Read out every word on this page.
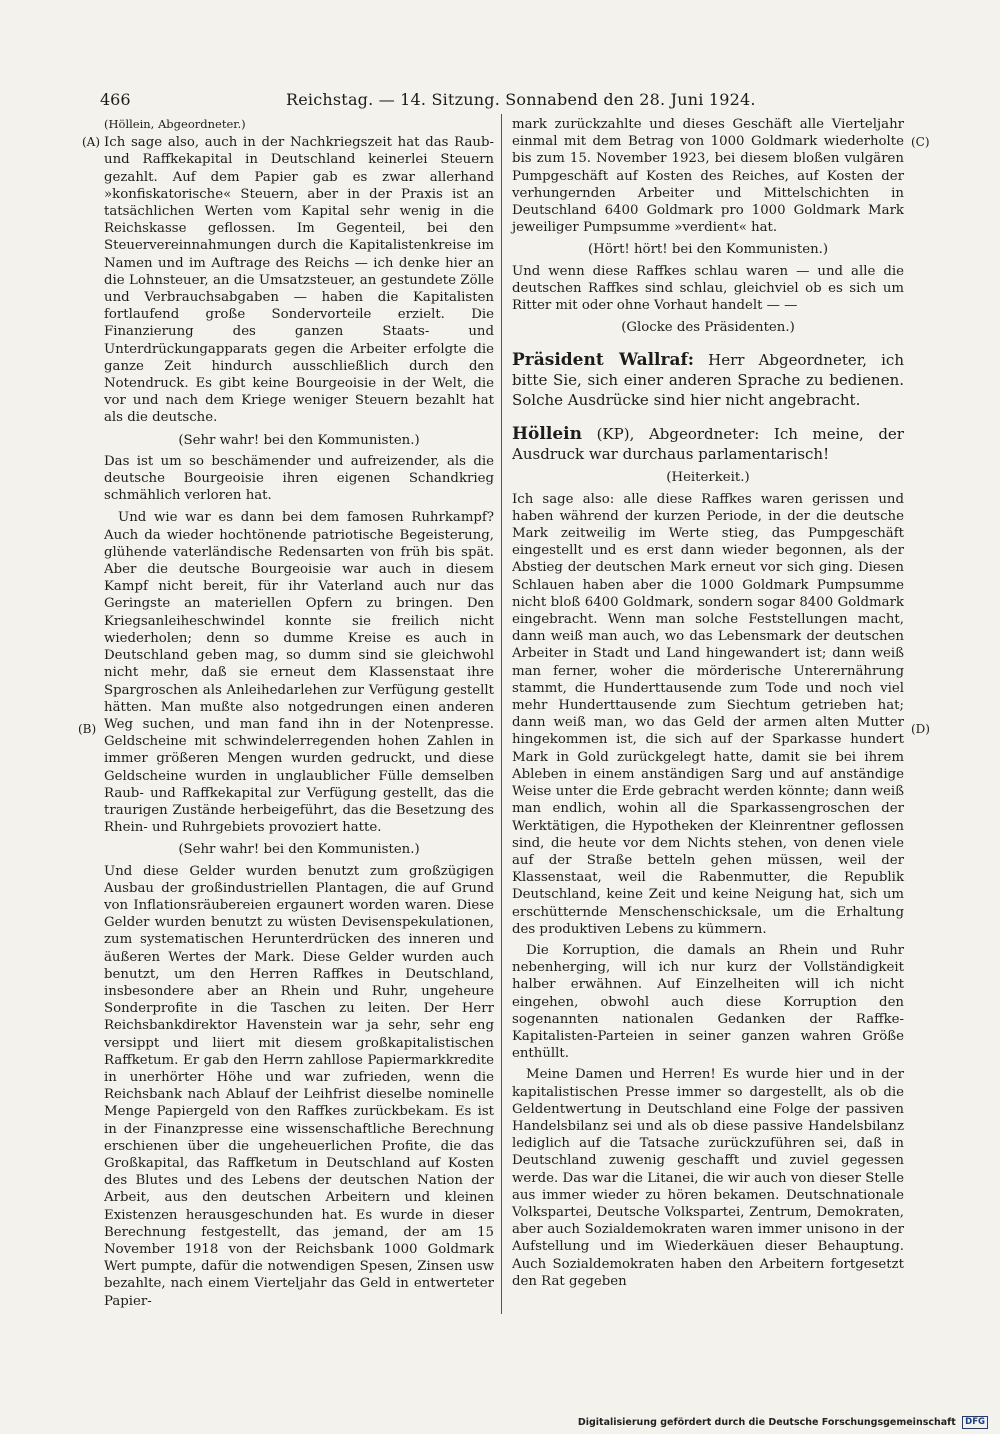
466	Reichstag. — 14. Sitzung. Sonnabend den 28. Juni 1924.
(A)
(B)
(C)
(D)

(Höllein, Abgeordneter.)

Ich sage also, auch in der Nachkriegszeit hat das Raub- und Raffkekapital in Deutschland keinerlei Steuern gezahlt. Auf dem Papier gab es zwar allerhand »konfiskatorische« Steuern, aber in der Praxis ist an tatsächlichen Werten vom Kapital sehr wenig in die Reichskasse geflossen. Im Gegenteil, bei den Steuervereinnahmungen durch die Kapitalistenkreise im Namen und im Auftrage des Reichs — ich denke hier an die Lohnsteuer, an die Umsatzsteuer, an gestundete Zölle und Verbrauchsabgaben — haben die Kapitalisten fortlaufend große Sondervorteile erzielt. Die Finanzierung des ganzen Staats- und Unterdrückungapparats gegen die Arbeiter erfolgte die ganze Zeit hindurch ausschließlich durch den Notendruck. Es gibt keine Bourgeoisie in der Welt, die vor und nach dem Kriege weniger Steuern bezahlt hat als die deutsche.

(Sehr wahr! bei den Kommunisten.)

Das ist um so beschämender und aufreizender, als die deutsche Bourgeoisie ihren eigenen Schandkrieg schmählich verloren hat.

Und wie war es dann bei dem famosen Ruhrkampf? Auch da wieder hochtönende patriotische Begeisterung, glühende vaterländische Redensarten von früh bis spät. Aber die deutsche Bourgeoisie war auch in diesem Kampf nicht bereit, für ihr Vaterland auch nur das Geringste an materiellen Opfern zu bringen. Den Kriegsanleiheschwindel konnte sie freilich nicht wiederholen; denn so dumme Kreise es auch in Deutschland geben mag, so dumm sind sie gleichwohl nicht mehr, daß sie erneut dem Klassenstaat ihre Spargroschen als Anleihedarlehen zur Verfügung gestellt hätten. Man mußte also notgedrungen einen anderen Weg suchen, und man fand ihn in der Notenpresse. Geldscheine mit schwindelerregenden hohen Zahlen in immer größeren Mengen wurden gedruckt, und diese Geldscheine wurden in unglaublicher Fülle demselben Raub- und Raffkekapital zur Verfügung gestellt, das die traurigen Zustände herbeigeführt, das die Besetzung des Rhein- und Ruhrgebiets provoziert hatte.

(Sehr wahr! bei den Kommunisten.)

Und diese Gelder wurden benutzt zum großzügigen Ausbau der großindustriellen Plantagen, die auf Grund von Inflationsräubereien ergaunert worden waren. Diese Gelder wurden benutzt zu wüsten Devisenspekulationen, zum systematischen Herunterdrücken des inneren und äußeren Wertes der Mark. Diese Gelder wurden auch benutzt, um den Herren Raffkes in Deutschland, insbesondere aber an Rhein und Ruhr, ungeheure Sonderprofite in die Taschen zu leiten. Der Herr Reichsbankdirektor Havenstein war ja sehr, sehr eng versippt und liiert mit diesem großkapitalistischen Raffketum. Er gab den Herrn zahllose Papiermarkkredite in unerhörter Höhe und war zufrieden, wenn die Reichsbank nach Ablauf der Leihfrist dieselbe nominelle Menge Papiergeld von den Raffkes zurückbekam. Es ist in der Finanzpresse eine wissenschaftliche Berechnung erschienen über die ungeheuerlichen Profite, die das Großkapital, das Raffketum in Deutschland auf Kosten des Blutes und des Lebens der deutschen Nation der Arbeit, aus den deutschen Arbeitern und kleinen Existenzen herausgeschunden hat. Es wurde in dieser Berechnung festgestellt, das jemand, der am 15 November 1918 von der Reichsbank 1000 Goldmark Wert pumpte, dafür die notwendigen Spesen, Zinsen usw bezahlte, nach einem Vierteljahr das Geld in entwerteter Papier-

mark zurückzahlte und dieses Geschäft alle Vierteljahr einmal mit dem Betrag von 1000 Goldmark wiederholte bis zum 15. November 1923, bei diesem bloßen vulgären Pumpgeschäft auf Kosten des Reiches, auf Kosten der verhungernden Arbeiter und Mittelschichten in Deutschland 6400 Goldmark pro 1000 Goldmark Mark jeweiliger Pumpsumme »verdient« hat.

(Hört! hört! bei den Kommunisten.)

Und wenn diese Raffkes schlau waren — und alle die deutschen Raffkes sind schlau, gleichviel ob es sich um Ritter mit oder ohne Vorhaut handelt — —

(Glocke des Präsidenten.)

Präsident Wallraf: Herr Abgeordneter, ich bitte Sie, sich einer anderen Sprache zu bedienen. Solche Ausdrücke sind hier nicht angebracht.

Höllein (KP), Abgeordneter: Ich meine, der Ausdruck war durchaus parlamentarisch!

(Heiterkeit.)

Ich sage also: alle diese Raffkes waren gerissen und haben während der kurzen Periode, in der die deutsche Mark zeitweilig im Werte stieg, das Pumpgeschäft eingestellt und es erst dann wieder begonnen, als der Abstieg der deutschen Mark erneut vor sich ging. Diesen Schlauen haben aber die 1000 Goldmark Pumpsumme nicht bloß 6400 Goldmark, sondern sogar 8400 Goldmark eingebracht. Wenn man solche Feststellungen macht, dann weiß man auch, wo das Lebensmark der deutschen Arbeiter in Stadt und Land hingewandert ist; dann weiß man ferner, woher die mörderische Unterernährung stammt, die Hunderttausende zum Tode und noch viel mehr Hunderttausende zum Siechtum getrieben hat; dann weiß man, wo das Geld der armen alten Mutter hingekommen ist, die sich auf der Sparkasse hundert Mark in Gold zurückgelegt hatte, damit sie bei ihrem Ableben in einem anständigen Sarg und auf anständige Weise unter die Erde gebracht werden könnte; dann weiß man endlich, wohin all die Sparkassengroschen der Werktätigen, die Hypotheken der Kleinrentner geflossen sind, die heute vor dem Nichts stehen, von denen viele auf der Straße betteln gehen müssen, weil der Klassenstaat, weil die Rabenmutter, die Republik Deutschland, keine Zeit und keine Neigung hat, sich um erschütternde Menschenschicksale, um die Erhaltung des produktiven Lebens zu kümmern.

Die Korruption, die damals an Rhein und Ruhr nebenherging, will ich nur kurz der Vollständigkeit halber erwähnen. Auf Einzelheiten will ich nicht eingehen, obwohl auch diese Korruption den sogenannten nationalen Gedanken der Raffke-Kapitalisten-Parteien in seiner ganzen wahren Größe enthüllt.

Meine Damen und Herren! Es wurde hier und in der kapitalistischen Presse immer so dargestellt, als ob die Geldentwertung in Deutschland eine Folge der passiven Handelsbilanz sei und als ob diese passive Handelsbilanz lediglich auf die Tatsache zurückzuführen sei, daß in Deutschland zuwenig geschafft und zuviel gegessen werde. Das war die Litanei, die wir auch von dieser Stelle aus immer wieder zu hören bekamen. Deutschnationale Volkspartei, Deutsche Volkspartei, Zentrum, Demokraten, aber auch Sozialdemokraten waren immer unisono in der Aufstellung und im Wiederkäuen dieser Behauptung. Auch Sozialdemokraten haben den Arbeitern fortgesetzt den Rat gegeben

Digitalisierung gefördert durch die Deutsche Forschungsgemeinschaft DFG
